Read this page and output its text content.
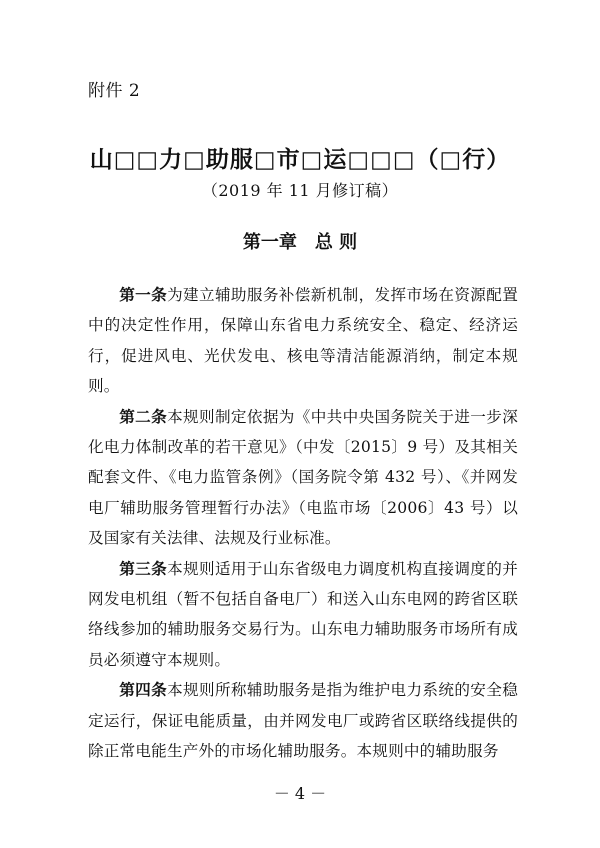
附件 2
山□□力□助服□市□运□□□（□行）
（2019 年 11 月修订稿）
第一章　总 则

第一条为建立辅助服务补偿新机制，发挥市场在资源配置中的决定性作用，保障山东省电力系统安全、稳定、经济运行，促进风电、光伏发电、核电等清洁能源消纳，制定本规则。

第二条本规则制定依据为《中共中央国务院关于进一步深化电力体制改革的若干意见》（中发〔2015〕9 号）及其相关配套文件、《电力监管条例》（国务院令第 432 号）、《并网发电厂辅助服务管理暂行办法》（电监市场〔2006〕43 号）以及国家有关法律、法规及行业标准。

第三条本规则适用于山东省级电力调度机构直接调度的并网发电机组（暂不包括自备电厂）和送入山东电网的跨省区联络线参加的辅助服务交易行为。山东电力辅助服务市场所有成员必须遵守本规则。

第四条本规则所称辅助服务是指为维护电力系统的安全稳定运行，保证电能质量，由并网发电厂或跨省区联络线提供的除正常电能生产外的市场化辅助服务。本规则中的辅助服务

－ 4 －
